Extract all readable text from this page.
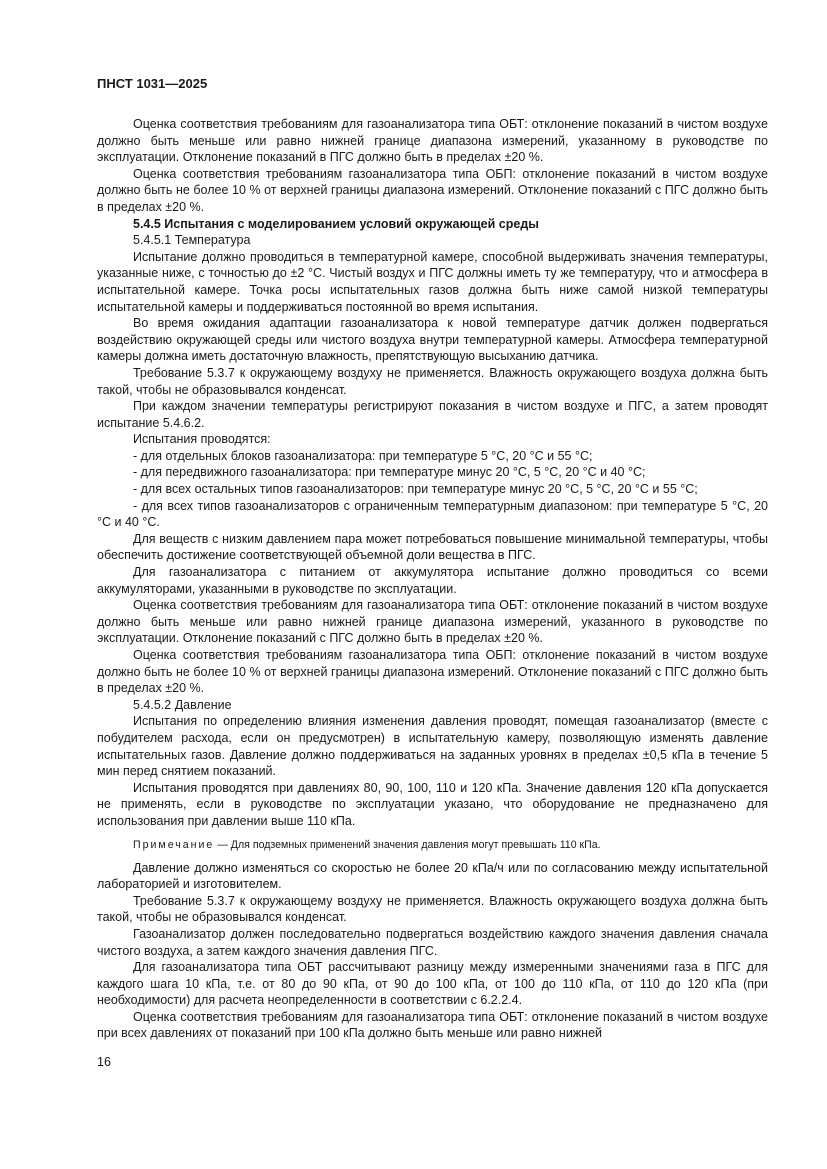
ПНСТ 1031—2025

Оценка соответствия требованиям для газоанализатора типа ОБТ: отклонение показаний в чистом воздухе должно быть меньше или равно нижней границе диапазона измерений, указанному в руководстве по эксплуатации. Отклонение показаний в ПГС должно быть в пределах ±20 %.

Оценка соответствия требованиям газоанализатора типа ОБП: отклонение показаний в чистом воздухе должно быть не более 10 % от верхней границы диапазона измерений. Отклонение показаний с ПГС должно быть в пределах ±20 %.

5.4.5 Испытания с моделированием условий окружающей среды

5.4.5.1 Температура

Испытание должно проводиться в температурной камере, способной выдерживать значения температуры, указанные ниже, с точностью до ±2 °С. Чистый воздух и ПГС должны иметь ту же температуру, что и атмосфера в испытательной камере. Точка росы испытательных газов должна быть ниже самой низкой температуры испытательной камеры и поддерживаться постоянной во время испытания.

Во время ожидания адаптации газоанализатора к новой температуре датчик должен подвергаться воздействию окружающей среды или чистого воздуха внутри температурной камеры. Атмосфера температурной камеры должна иметь достаточную влажность, препятствующую высыханию датчика.

Требование 5.3.7 к окружающему воздуху не применяется. Влажность окружающего воздуха должна быть такой, чтобы не образовывался конденсат.

При каждом значении температуры регистрируют показания в чистом воздухе и ПГС, а затем проводят испытание 5.4.6.2.

Испытания проводятся:

- для отдельных блоков газоанализатора: при температуре 5 °С, 20 °С и 55 °С;

- для передвижного газоанализатора: при температуре минус 20 °С, 5 °С, 20 °С и 40 °С;

- для всех остальных типов газоанализаторов: при температуре минус 20 °С, 5 °С, 20 °С и 55 °С;

- для всех типов газоанализаторов с ограниченным температурным диапазоном: при температуре 5 °С, 20 °С и 40 °С.

Для веществ с низким давлением пара может потребоваться повышение минимальной температуры, чтобы обеспечить достижение соответствующей объемной доли вещества в ПГС.

Для газоанализатора с питанием от аккумулятора испытание должно проводиться со всеми аккумуляторами, указанными в руководстве по эксплуатации.

Оценка соответствия требованиям для газоанализатора типа ОБТ: отклонение показаний в чистом воздухе должно быть меньше или равно нижней границе диапазона измерений, указанного в руководстве по эксплуатации. Отклонение показаний с ПГС должно быть в пределах ±20 %.

Оценка соответствия требованиям газоанализатора типа ОБП: отклонение показаний в чистом воздухе должно быть не более 10 % от верхней границы диапазона измерений. Отклонение показаний с ПГС должно быть в пределах ±20 %.

5.4.5.2 Давление

Испытания по определению влияния изменения давления проводят, помещая газоанализатор (вместе с побудителем расхода, если он предусмотрен) в испытательную камеру, позволяющую изменять давление испытательных газов. Давление должно поддерживаться на заданных уровнях в пределах ±0,5 кПа в течение 5 мин перед снятием показаний.

Испытания проводятся при давлениях 80, 90, 100, 110 и 120 кПа. Значение давления 120 кПа допускается не применять, если в руководстве по эксплуатации указано, что оборудование не предназначено для использования при давлении выше 110 кПа.

Примечание — Для подземных применений значения давления могут превышать 110 кПа.

Давление должно изменяться со скоростью не более 20 кПа/ч или по согласованию между испытательной лабораторией и изготовителем.

Требование 5.3.7 к окружающему воздуху не применяется. Влажность окружающего воздуха должна быть такой, чтобы не образовывался конденсат.

Газоанализатор должен последовательно подвергаться воздействию каждого значения давления сначала чистого воздуха, а затем каждого значения давления ПГС.

Для газоанализатора типа ОБТ рассчитывают разницу между измеренными значениями газа в ПГС для каждого шага 10 кПа, т.е. от 80 до 90 кПа, от 90 до 100 кПа, от 100 до 110 кПа, от 110 до 120 кПа (при необходимости) для расчета неопределенности в соответствии с 6.2.2.4.

Оценка соответствия требованиям для газоанализатора типа ОБТ: отклонение показаний в чистом воздухе при всех давлениях от показаний при 100 кПа должно быть меньше или равно нижней

16
